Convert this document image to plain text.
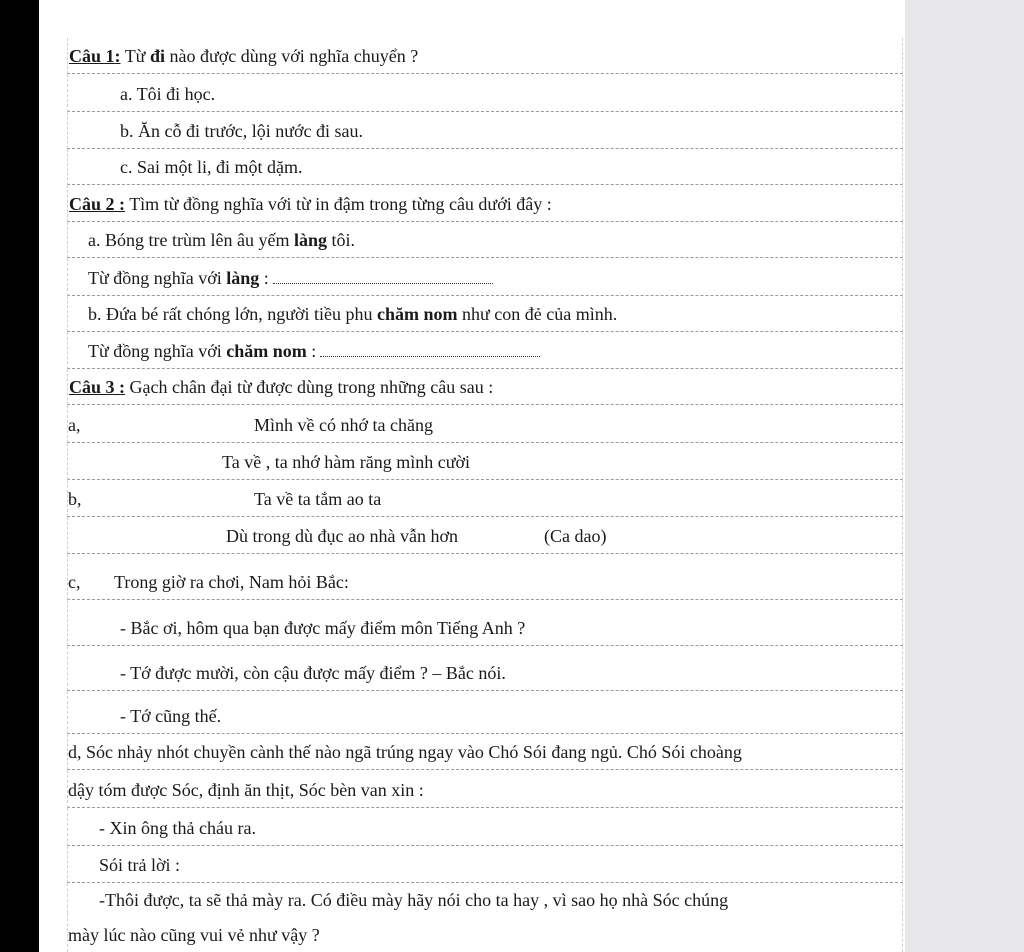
Câu 1: Từ đi nào được dùng với nghĩa chuyển ?
a. Tôi đi học.
b. Ăn cỗ đi trước, lội nước đi sau.
c. Sai một li, đi một dặm.
Câu 2 : Tìm từ đồng nghĩa với từ in đậm trong từng câu dưới đây :
a. Bóng tre trùm lên âu yếm làng tôi.
Từ đồng nghĩa với làng :
b. Đứa bé rất chóng lớn, người tiều phu chăm nom như con đẻ của mình.
Từ đồng nghĩa với chăm nom :
Câu 3 : Gạch chân đại từ được dùng trong những câu sau :
a,	Mình về có nhớ ta chăng
Ta về , ta nhớ hàm răng mình cười
b,	Ta về ta tắm ao ta
Dù trong dù đục ao nhà vẫn hơn	(Ca dao)
c, Trong giờ ra chơi, Nam hỏi Bắc:
- Bắc ơi, hôm qua bạn được mấy điểm môn Tiếng Anh ?
- Tớ được mười, còn cậu được mấy điểm ? – Bắc nói.
- Tớ cũng thế.
d, Sóc nhảy nhót chuyền cành thế nào ngã trúng ngay vào Chó Sói đang ngủ. Chó Sói choàng
dậy tóm được Sóc, định ăn thịt, Sóc bèn van xin :
- Xin ông thả cháu ra.
Sói trả lời :
-Thôi được, ta sẽ thả mày ra. Có điều mày hãy nói cho ta hay , vì sao họ nhà Sóc chúng
mày lúc nào cũng vui vẻ như vậy ?
